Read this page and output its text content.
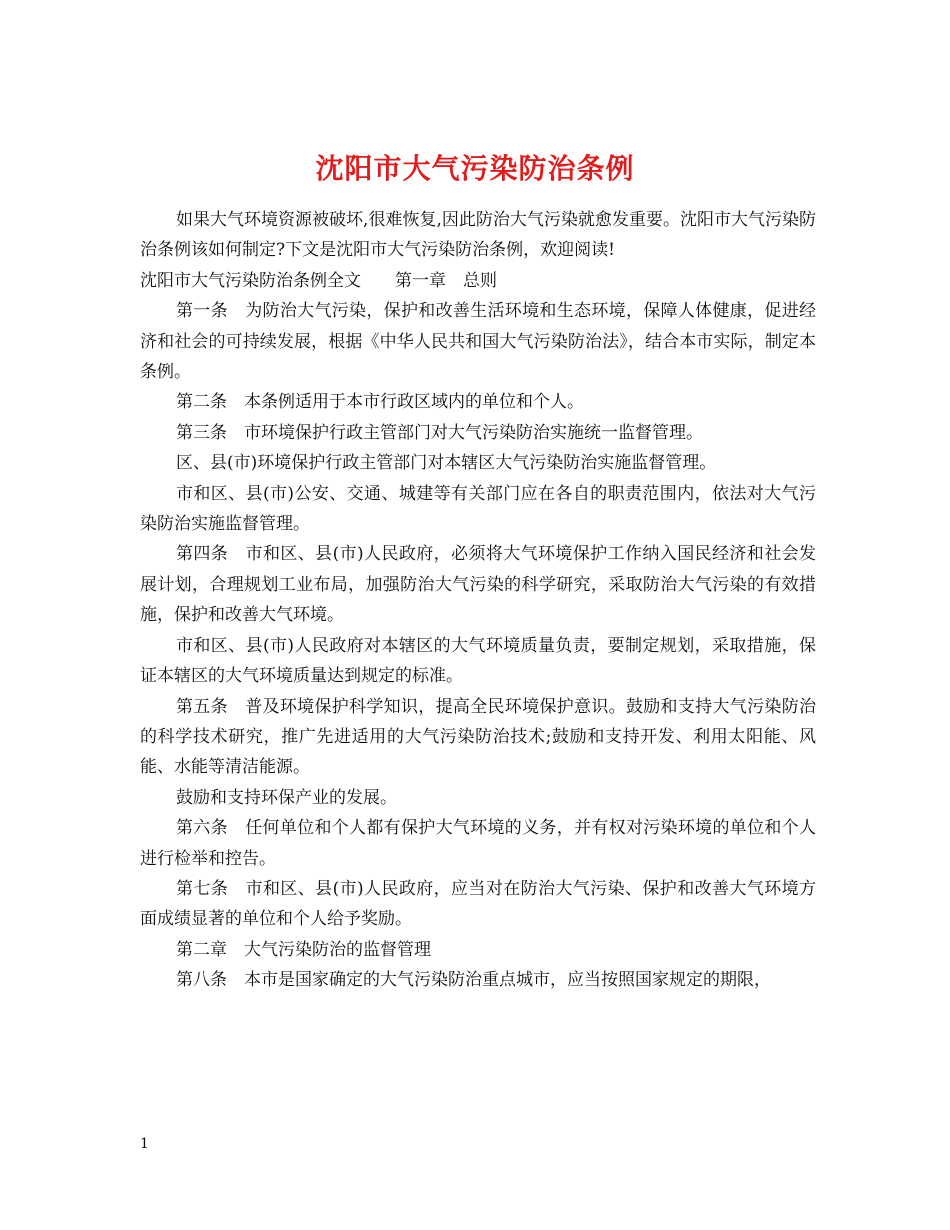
沈阳市大气污染防治条例

如果大气环境资源被破坏,很难恢复,因此防治大气污染就愈发重要。沈阳市大气污染防治条例该如何制定?下文是沈阳市大气污染防治条例，欢迎阅读!

沈阳市大气污染防治条例全文　　第一章　总则

第一条　为防治大气污染，保护和改善生活环境和生态环境，保障人体健康，促进经济和社会的可持续发展，根据《中华人民共和国大气污染防治法》，结合本市实际，制定本条例。

第二条　本条例适用于本市行政区域内的单位和个人。

第三条　市环境保护行政主管部门对大气污染防治实施统一监督管理。

区、县(市)环境保护行政主管部门对本辖区大气污染防治实施监督管理。

市和区、县(市)公安、交通、城建等有关部门应在各自的职责范围内，依法对大气污染防治实施监督管理。

第四条　市和区、县(市)人民政府，必须将大气环境保护工作纳入国民经济和社会发展计划，合理规划工业布局，加强防治大气污染的科学研究，采取防治大气污染的有效措施，保护和改善大气环境。

市和区、县(市)人民政府对本辖区的大气环境质量负责，要制定规划，采取措施，保证本辖区的大气环境质量达到规定的标准。

第五条　普及环境保护科学知识，提高全民环境保护意识。鼓励和支持大气污染防治的科学技术研究，推广先进适用的大气污染防治技术;鼓励和支持开发、利用太阳能、风能、水能等清洁能源。

鼓励和支持环保产业的发展。

第六条　任何单位和个人都有保护大气环境的义务，并有权对污染环境的单位和个人进行检举和控告。

第七条　市和区、县(市)人民政府，应当对在防治大气污染、保护和改善大气环境方面成绩显著的单位和个人给予奖励。

第二章　大气污染防治的监督管理

第八条　本市是国家确定的大气污染防治重点城市，应当按照国家规定的期限，

1
